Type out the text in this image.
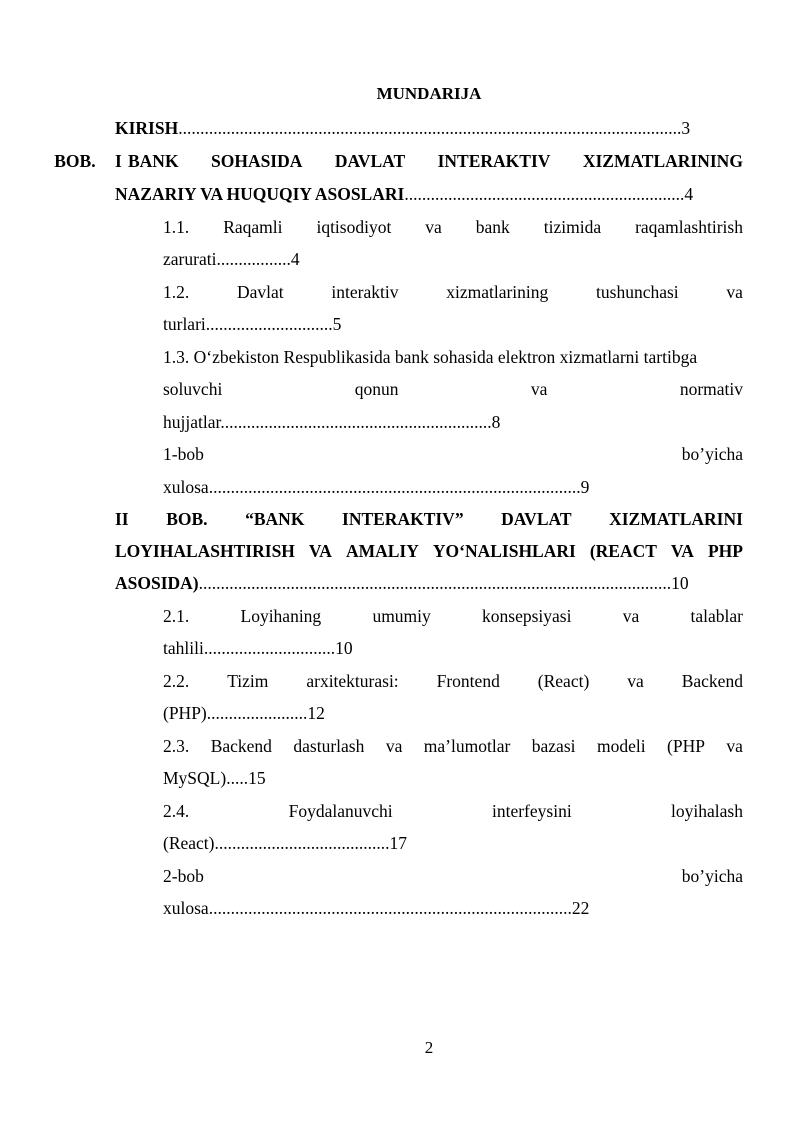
MUNDARIJA
KIRISH...................................................................................................................3
I
BOB. BANK SOHASIDA DAVLAT INTERAKTIV XIZMATLARINING
NAZARIY VA HUQUQIY ASOSLARI................................................................4
1.1. Raqamli iqtisodiyot va bank tizimida raqamlashtirish
zarurati.................4
1.2.	Davlat	interaktiv	xizmatlarining	tushunchasi	va
turlari.............................5
1.3. O‘zbekiston Respublikasida bank sohasida elektron xizmatlarni tartibga
soluvchi	qonun	va	normativ
hujjatlar..............................................................8
1-bob	bo’yicha
xulosa.....................................................................................9
II BOB. “BANK INTERAKTIV” DAVLAT XIZMATLARINI
LOYIHALASHTIRISH VA AMALIY YO‘NALISHLARI (REACT VA PHP
ASOSIDA)............................................................................................................10
2.1.	Loyihaning	umumiy	konsepsiyasi	va	talablar
tahlili..............................10
2.2. Tizim arxitekturasi: Frontend (React) va Backend
(PHP).......................12
2.3. Backend dasturlash va ma’lumotlar bazasi modeli (PHP va
MySQL).....15
2.4.	Foydalanuvchi	interfeysini	loyihalash
(React)........................................17
2-bob	bo’yicha
xulosa...................................................................................22
2
